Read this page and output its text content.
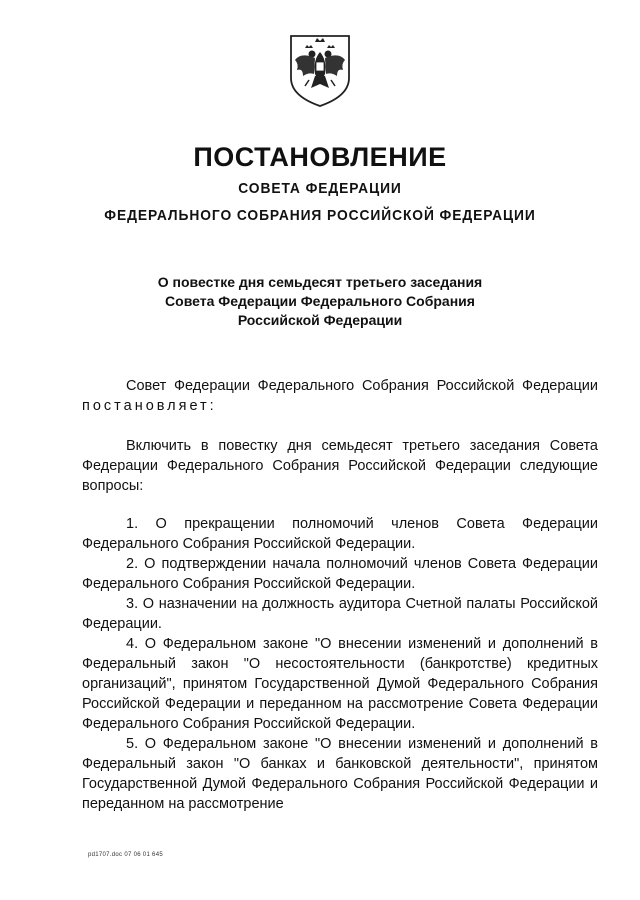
ПОСТАНОВЛЕНИЕ
СОВЕТА ФЕДЕРАЦИИ
ФЕДЕРАЛЬНОГО СОБРАНИЯ РОССИЙСКОЙ ФЕДЕРАЦИИ
О повестке дня семьдесят третьего заседания
Совета Федерации Федерального Собрания
Российской Федерации

Совет Федерации Федерального Собрания Российской Федерации постановляет:

Включить в повестку дня семьдесят третьего заседания Совета Федерации Федерального Собрания Российской Федерации следующие вопросы:

1. О прекращении полномочий членов Совета Федерации Федерального Собрания Российской Федерации.

2. О подтверждении начала полномочий членов Совета Федерации Федерального Собрания Российской Федерации.

3. О назначении на должность аудитора Счетной палаты Российской Федерации.

4. О Федеральном законе "О внесении изменений и дополнений в Федеральный закон "О несостоятельности (банкротстве) кредитных организаций", принятом Государственной Думой Федерального Собрания Российской Федерации и переданном на рассмотрение Совета Федерации Федерального Собрания Российской Федерации.

5. О Федеральном законе "О внесении изменений и дополнений в Федеральный закон "О банках и банковской деятельности", принятом Государственной Думой Федерального Собрания Российской Федерации и переданном на рассмотрение

pd1707.doc 07 06 01 645
